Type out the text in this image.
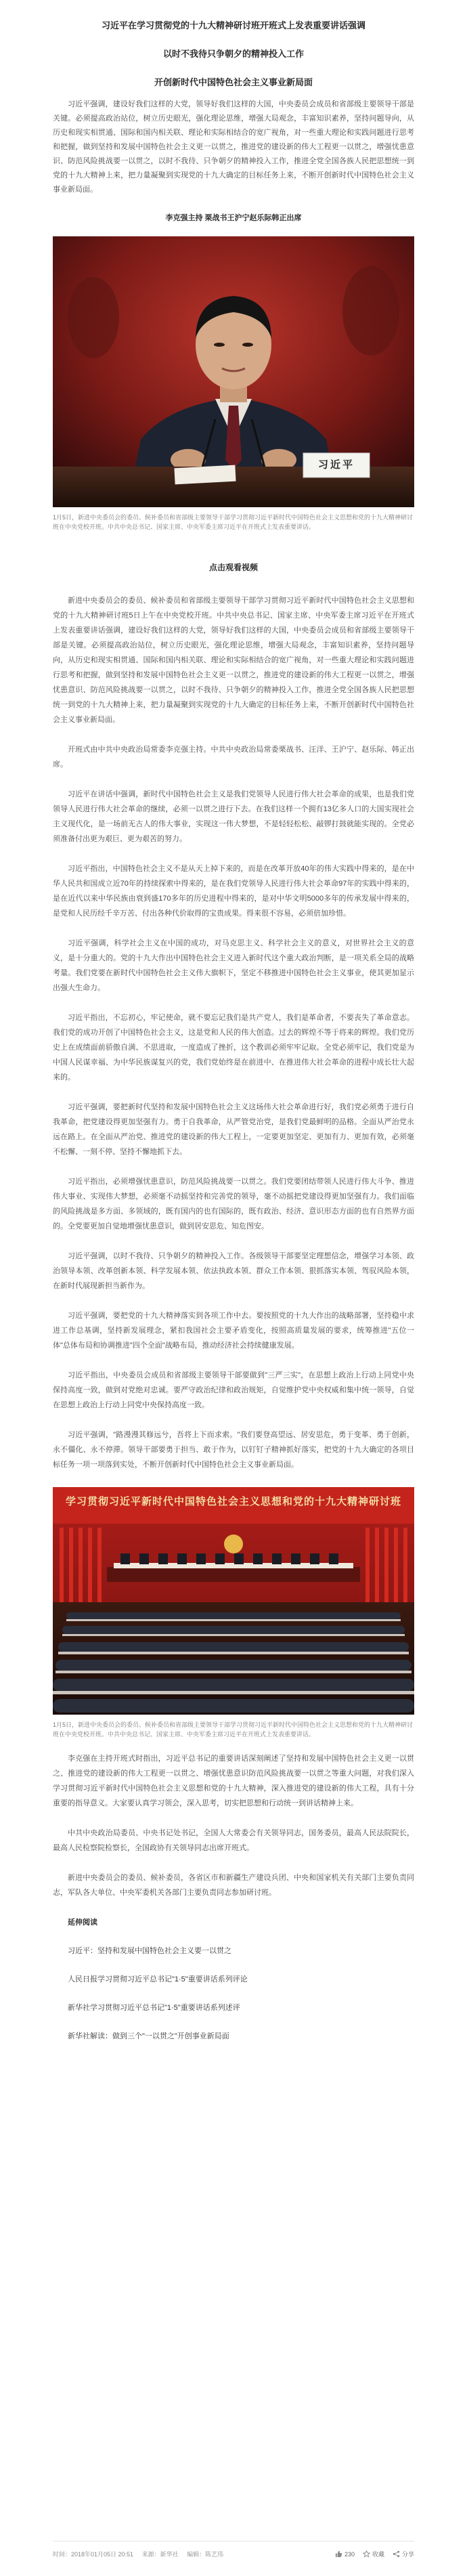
习近平在学习贯彻党的十九大精神研讨班开班式上发表重要讲话强调
以时不我待只争朝夕的精神投入工作
开创新时代中国特色社会主义事业新局面

习近平强调，建设好我们这样的大党，领导好我们这样的大国，中央委员会成员和省部级主要领导干部是关键。必须提高政治站位，树立历史眼光，强化理论思维，增强大局观念，丰富知识素养，坚持问题导向，从历史和现实相贯通、国际和国内相关联、理论和实际相结合的宽广视角，对一些重大理论和实践问题进行思考和把握，做到坚持和发展中国特色社会主义更一以贯之，推进党的建设新的伟大工程更一以贯之，增强忧患意识、防范风险挑战要一以贯之，以时不我待、只争朝夕的精神投入工作，推进全党全国各族人民把思想统一到党的十九大精神上来，把力量凝聚到实现党的十九大确定的目标任务上来，不断开创新时代中国特色社会主义事业新局面。

李克强主持 栗战书王沪宁赵乐际韩正出席
习近平

1月5日，新进中央委员会的委员、候补委员和省部级主要领导干部学习贯彻习近平新时代中国特色社会主义思想和党的十九大精神研讨班在中央党校开班。中共中央总书记、国家主席、中央军委主席习近平在开班式上发表重要讲话。

点击观看视频

新进中央委员会的委员、候补委员和省部级主要领导干部学习贯彻习近平新时代中国特色社会主义思想和党的十九大精神研讨班5日上午在中央党校开班。中共中央总书记、国家主席、中央军委主席习近平在开班式上发表重要讲话强调，建设好我们这样的大党，领导好我们这样的大国，中央委员会成员和省部级主要领导干部是关键。必须提高政治站位，树立历史眼光，强化理论思维，增强大局观念，丰富知识素养，坚持问题导向，从历史和现实相贯通、国际和国内相关联、理论和实际相结合的宽广视角，对一些重大理论和实践问题进行思考和把握，做到坚持和发展中国特色社会主义更一以贯之，推进党的建设新的伟大工程更一以贯之，增强忧患意识、防范风险挑战要一以贯之，以时不我待、只争朝夕的精神投入工作，推进全党全国各族人民把思想统一到党的十九大精神上来，把力量凝聚到实现党的十九大确定的目标任务上来，不断开创新时代中国特色社会主义事业新局面。

开班式由中共中央政治局常委李克强主持。中共中央政治局常委栗战书、汪洋、王沪宁、赵乐际、韩正出席。

习近平在讲话中强调，新时代中国特色社会主义是我们党领导人民进行伟大社会革命的成果，也是我们党领导人民进行伟大社会革命的继续，必须一以贯之进行下去。在我们这样一个拥有13亿多人口的大国实现社会主义现代化，是一场前无古人的伟大事业，实现这一伟大梦想，不是轻轻松松、敲锣打鼓就能实现的。全党必须准备付出更为艰巨、更为艰苦的努力。

习近平指出，中国特色社会主义不是从天上掉下来的，而是在改革开放40年的伟大实践中得来的，是在中华人民共和国成立近70年的持续探索中得来的，是在我们党领导人民进行伟大社会革命97年的实践中得来的，是在近代以来中华民族由衰到盛170多年的历史进程中得来的，是对中华文明5000多年的传承发展中得来的，是党和人民历经千辛万苦、付出各种代价取得的宝贵成果。得来很不容易，必须倍加珍惜。

习近平强调，科学社会主义在中国的成功，对马克思主义、科学社会主义的意义，对世界社会主义的意义，是十分重大的。党的十九大作出中国特色社会主义进入新时代这个重大政治判断，是一项关系全局的战略考量。我们党要在新时代中国特色社会主义伟大旗帜下，坚定不移推进中国特色社会主义事业，使其更加显示出强大生命力。

习近平指出，不忘初心，牢记使命，就不要忘记我们是共产党人，我们是革命者，不要丧失了革命意志。我们党的成功开创了中国特色社会主义，这是党和人民的伟大创造。过去的辉煌不等于将来的辉煌。我们党历史上在成绩面前骄傲自满、不思进取，一度造成了挫折，这个教训必须牢牢记取。全党必须牢记，我们党是为中国人民谋幸福、为中华民族谋复兴的党，我们党始终是在前进中、在推进伟大社会革命的进程中成长壮大起来的。

习近平强调，要把新时代坚持和发展中国特色社会主义这场伟大社会革命进行好，我们党必须勇于进行自我革命，把党建设得更加坚强有力。勇于自我革命，从严管党治党，是我们党最鲜明的品格。全面从严治党永远在路上。在全面从严治党、推进党的建设新的伟大工程上，一定要更加坚定、更加有力、更加有效，必须毫不松懈、一刻不停、坚持不懈地抓下去。

习近平指出，必须增强忧患意识，防范风险挑战要一以贯之。我们党要团结带领人民进行伟大斗争、推进伟大事业、实现伟大梦想，必须毫不动摇坚持和完善党的领导，毫不动摇把党建设得更加坚强有力。我们面临的风险挑战是多方面、多领域的，既有国内的也有国际的，既有政治、经济、意识形态方面的也有自然界方面的。全党要更加自觉地增强忧患意识，做到居安思危、知危图安。

习近平强调，以时不我待、只争朝夕的精神投入工作。各级领导干部要坚定理想信念，增强学习本领、政治领导本领、改革创新本领、科学发展本领、依法执政本领、群众工作本领、狠抓落实本领、驾驭风险本领，在新时代展现新担当新作为。

习近平强调，要把党的十九大精神落实到各项工作中去。要按照党的十九大作出的战略部署，坚持稳中求进工作总基调，坚持新发展理念，紧扣我国社会主要矛盾变化，按照高质量发展的要求，统筹推进"五位一体"总体布局和协调推进"四个全面"战略布局，推动经济社会持续健康发展。

习近平指出，中央委员会成员和省部级主要领导干部要做到"三严三实"，在思想上政治上行动上同党中央保持高度一致，做到对党绝对忠诚。要严守政治纪律和政治规矩，自觉维护党中央权威和集中统一领导，自觉在思想上政治上行动上同党中央保持高度一致。

习近平强调，"路漫漫其修远兮，吾将上下而求索。"我们要登高望远、居安思危，勇于变革、勇于创新，永不僵化、永不停滞。领导干部要勇于担当、敢于作为，以钉钉子精神抓好落实，把党的十九大确定的各项目标任务一项一项落到实处，不断开创新时代中国特色社会主义事业新局面。

学习贯彻习近平新时代中国特色社会主义思想和党的十九大精神研讨班

1月5日，新进中央委员会的委员、候补委员和省部级主要领导干部学习贯彻习近平新时代中国特色社会主义思想和党的十九大精神研讨班在中央党校开班。中共中央总书记、国家主席、中央军委主席习近平在开班式上发表重要讲话。

李克强在主持开班式时指出，习近平总书记的重要讲话深刻阐述了坚持和发展中国特色社会主义更一以贯之、推进党的建设新的伟大工程更一以贯之、增强忧患意识防范风险挑战要一以贯之等重大问题，对我们深入学习贯彻习近平新时代中国特色社会主义思想和党的十九大精神，深入推进党的建设新的伟大工程，具有十分重要的指导意义。大家要认真学习领会，深入思考，切实把思想和行动统一到讲话精神上来。

中共中央政治局委员、中央书记处书记，全国人大常委会有关领导同志，国务委员，最高人民法院院长，最高人民检察院检察长，全国政协有关领导同志出席开班式。

新进中央委员会的委员、候补委员，各省区市和新疆生产建设兵团、中央和国家机关有关部门主要负责同志，军队各大单位、中央军委机关各部门主要负责同志参加研讨班。

延伸阅读
习近平：坚持和发展中国特色社会主义要一以贯之
人民日报学习贯彻习近平总书记"1·5"重要讲话系列评论
新华社学习贯彻习近平总书记"1·5"重要讲话系列述评
新华社解读：做到三个"一以贯之"开创事业新局面
时间：2018年01月05日 20:51 来源：新华社 编辑：陈艺伟	230	收藏	分享
